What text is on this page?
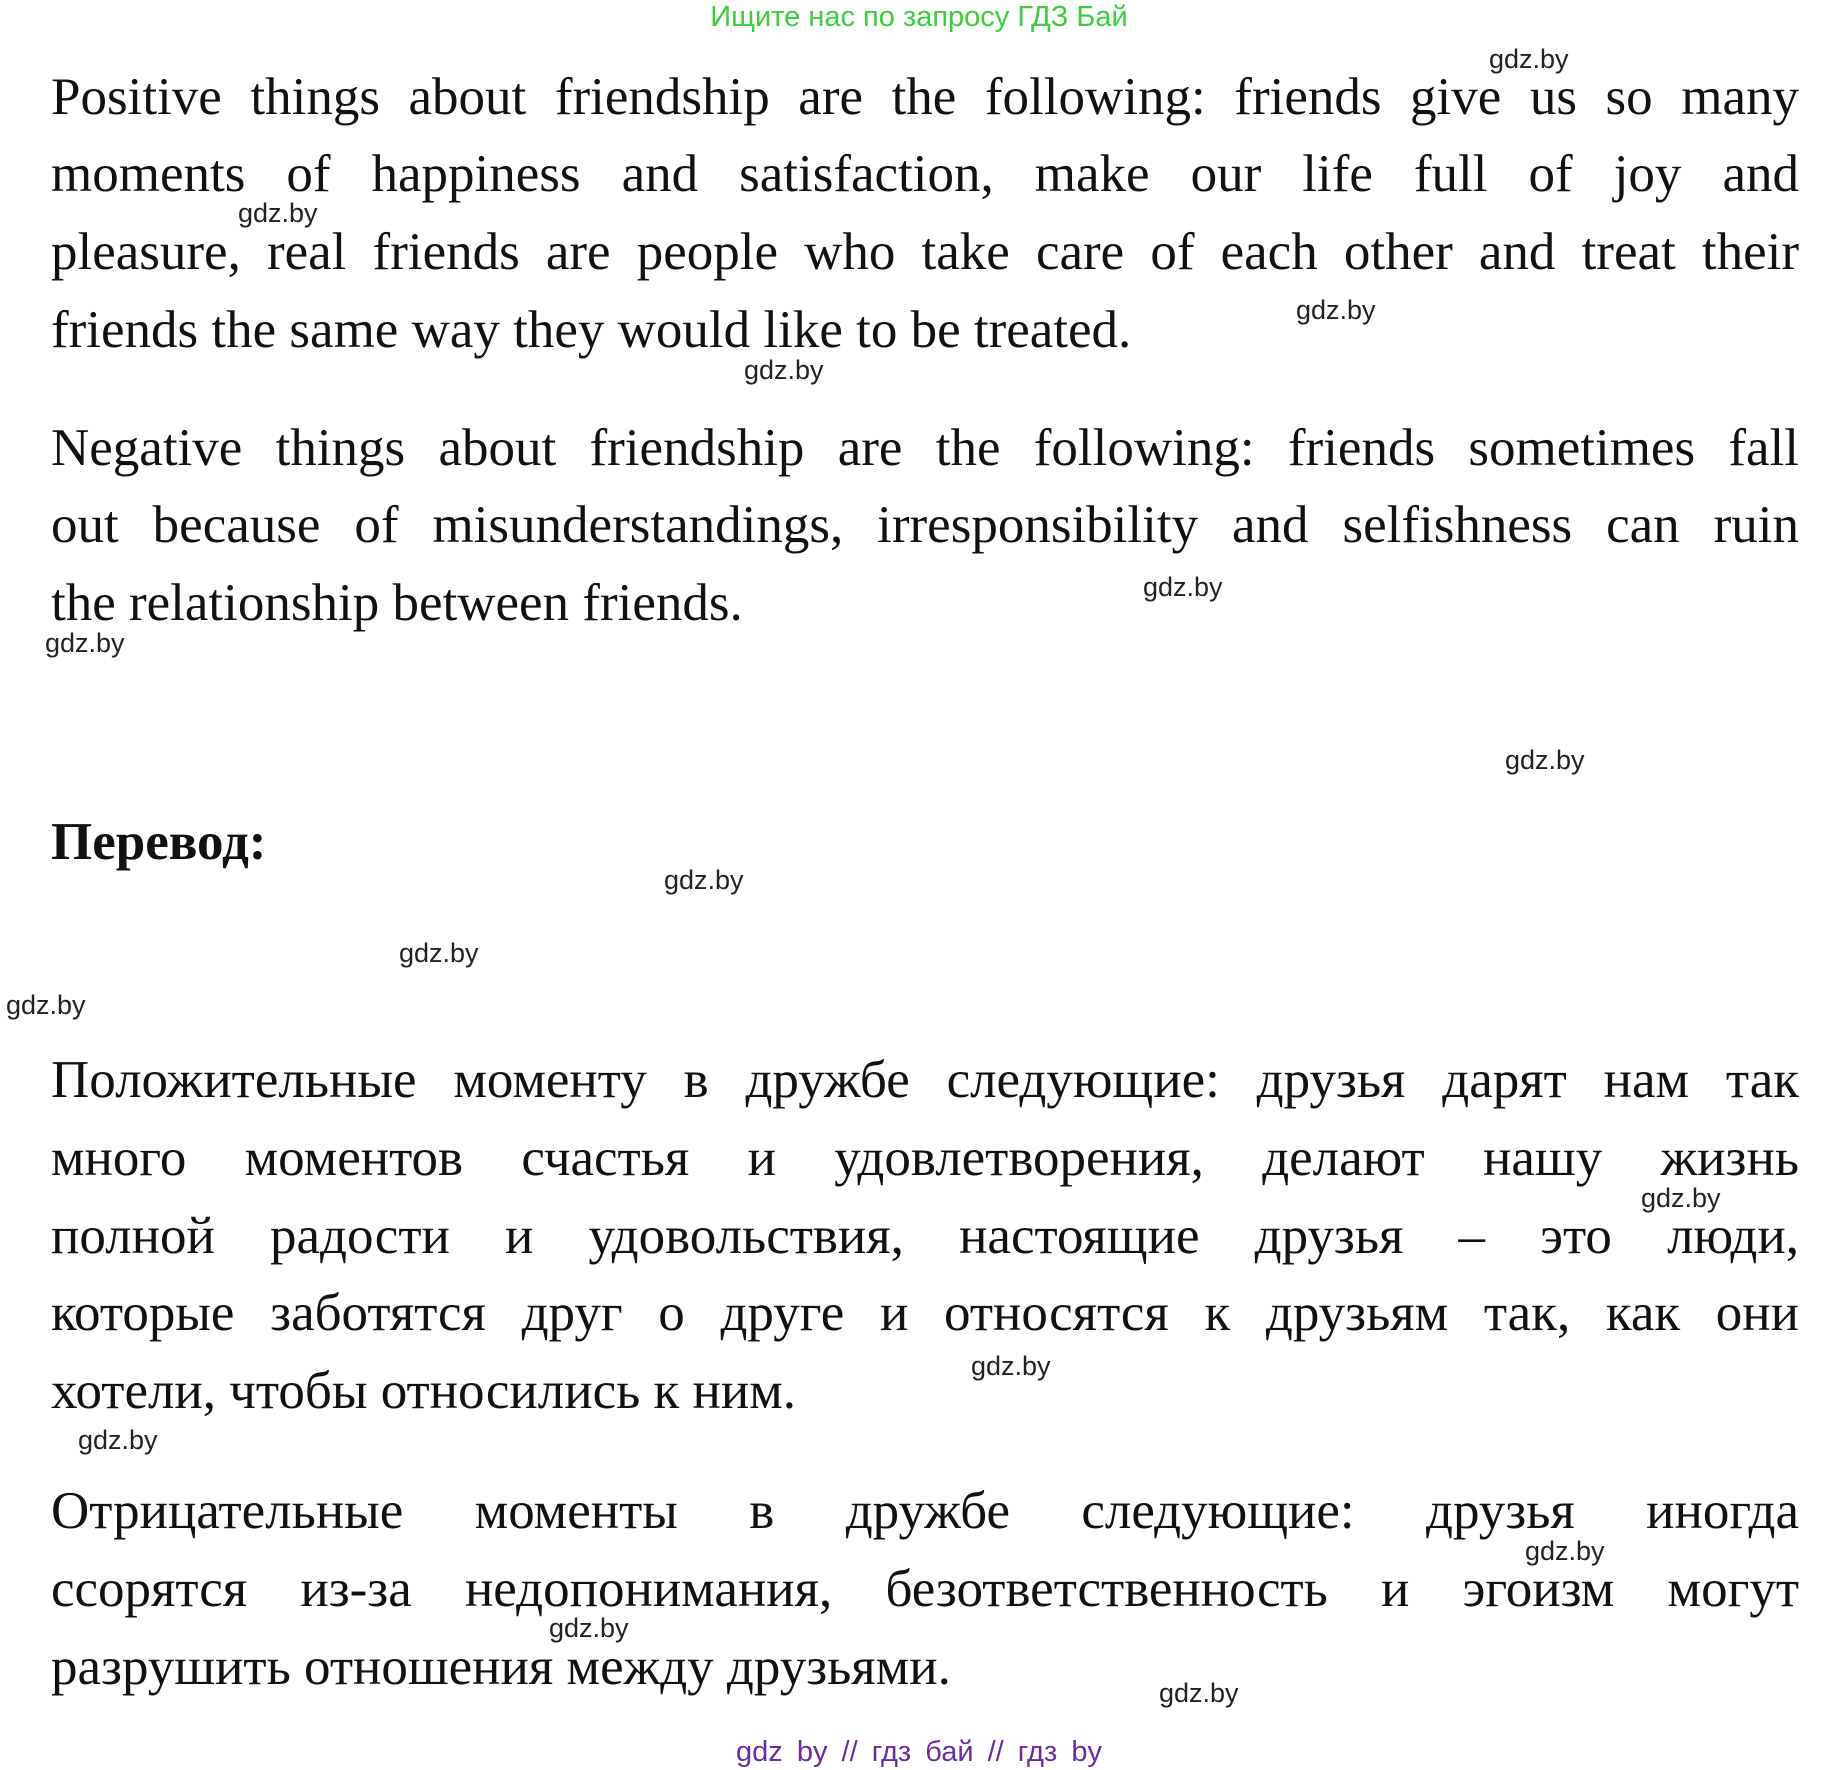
Ищите нас по запросу ГДЗ Бай
Positive things about friendship are the following: friends give us so many
moments of happiness and satisfaction, make our life full of joy and
pleasure, real friends are people who take care of each other and treat their
friends the same way they would like to be treated.
Negative things about friendship are the following: friends sometimes fall
out because of misunderstandings, irresponsibility and selfishness can ruin
the relationship between friends.
Перевод:
Положительные моменту в дружбе следующие: друзья дарят нам так
много моментов счастья и удовлетворения, делают нашу жизнь
полной радости и удовольствия, настоящие друзья – это люди,
которые заботятся друг о друге и относятся к друзьям так, как они
хотели, чтобы относились к ним.
Отрицательные моменты в дружбе следующие: друзья иногда
ссорятся из-за недопонимания, безответственность и эгоизм могут
разрушить отношения между друзьями.
gdz.by
gdz.by
gdz.by
gdz.by
gdz.by
gdz.by
gdz.by
gdz.by
gdz.by
gdz.by
gdz.by
gdz.by
gdz.by
gdz.by
gdz.by
gdz.by
gdz by // гдз бай // гдз by
